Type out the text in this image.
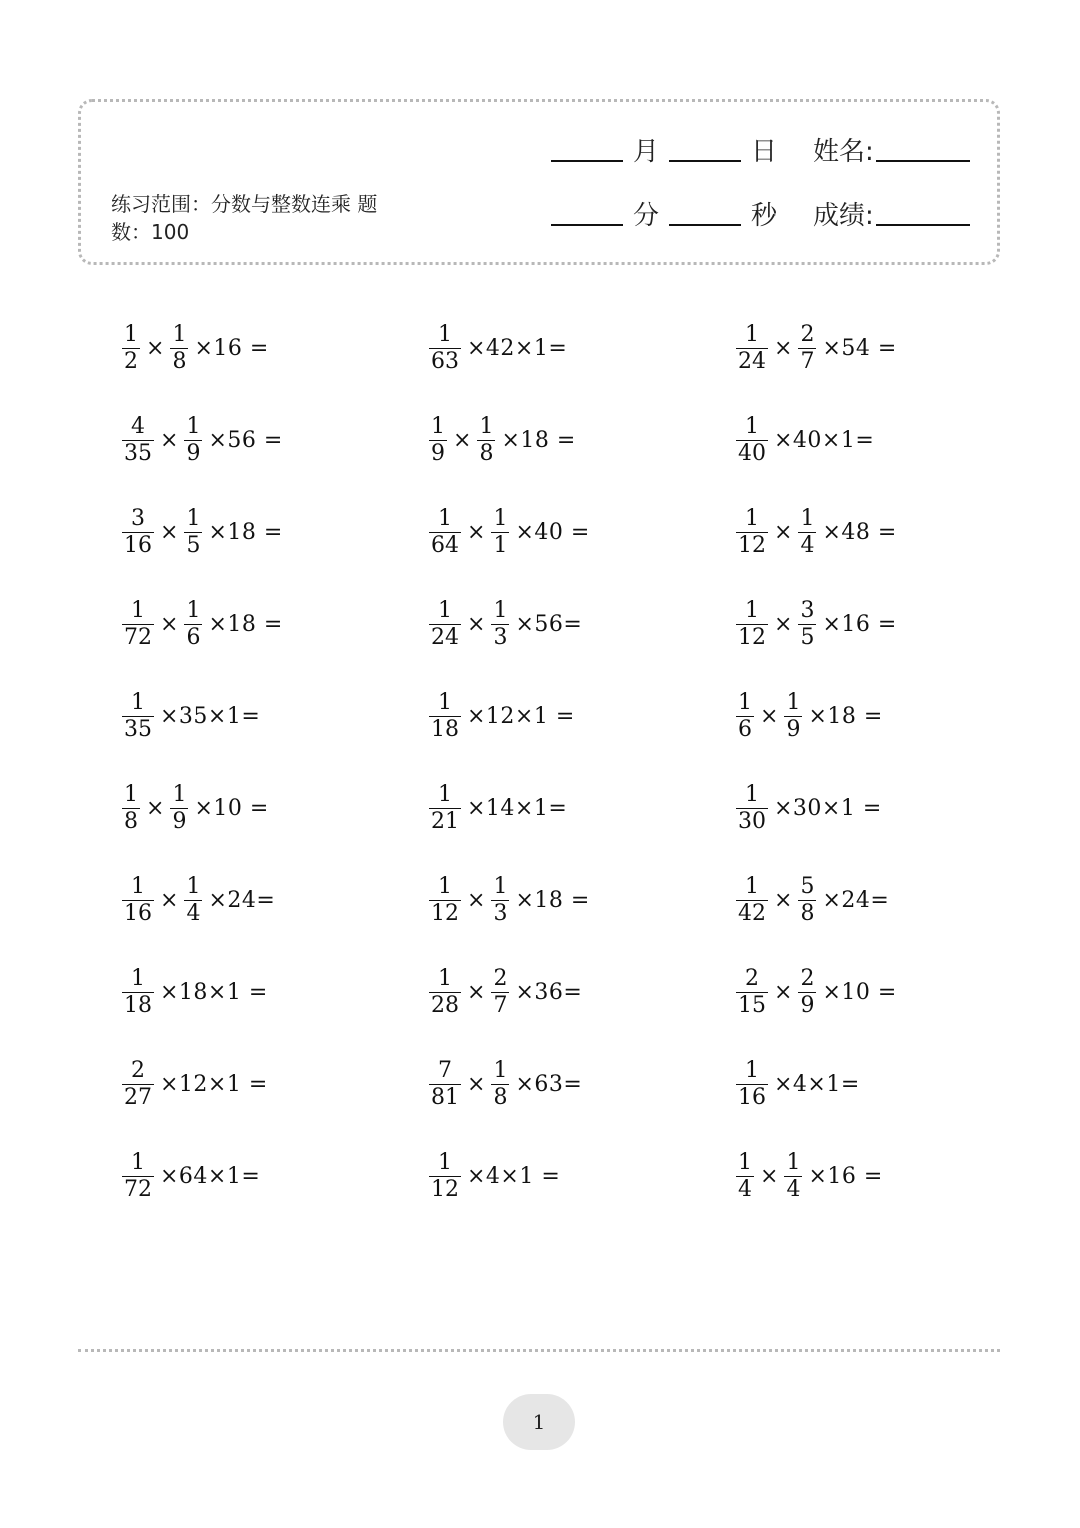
月	日 姓名:
分	秒 成绩:
练习范围：分数与整数连乘 题
数：100
$\frac{1}{2} \times \frac{1}{8} \times 16$ =	$\frac{1}{63} \times 42\times 1=$	$\frac{1}{24} \times \frac{2}{7} \times 54$ =
$\frac{4}{35} \times \frac{1}{9} \times 56$ =	$\frac{1}{9} \times \frac{1}{8} \times 18$ =	$\frac{1}{40} \times 40\times 1=$
$\frac{3}{16} \times \frac{1}{5} \times 18$ =	$\frac{1}{64} \times \frac{1}{1} \times 40$ =	$\frac{1}{12} \times \frac{1}{4} \times 48$ =
$\frac{1}{72} \times \frac{1}{6} \times 18$ =	$\frac{1}{24} \times \frac{1}{3} \times 56=$	$\frac{1}{12} \times \frac{3}{5} \times 16$ =
$\frac{1}{35} \times 35\times 1=$	$\frac{1}{18} \times 12\times 1$ =	$\frac{1}{6} \times \frac{1}{9} \times 18$ =
$\frac{1}{8} \times \frac{1}{9} \times 10$ =	$\frac{1}{21} \times 14\times 1=$	$\frac{1}{30} \times 30\times 1$ =
$\frac{1}{16} \times \frac{1}{4} \times 24=$	$\frac{1}{12} \times \frac{1}{3} \times 18$ =	$\frac{1}{42} \times \frac{5}{8} \times 24=$
$\frac{1}{18} \times 18\times 1$ =	$\frac{1}{28} \times \frac{2}{7} \times 36=$	$\frac{2}{15} \times \frac{2}{9} \times 10$ =
$\frac{2}{27} \times 12\times 1$ =	$\frac{7}{81} \times \frac{1}{8} \times 63=$	$\frac{1}{16} \times 4\times 1=$
$\frac{1}{72} \times 64\times 1=$	$\frac{1}{12} \times 4\times 1$ =	$\frac{1}{4} \times \frac{1}{4} \times 16$ =
1
